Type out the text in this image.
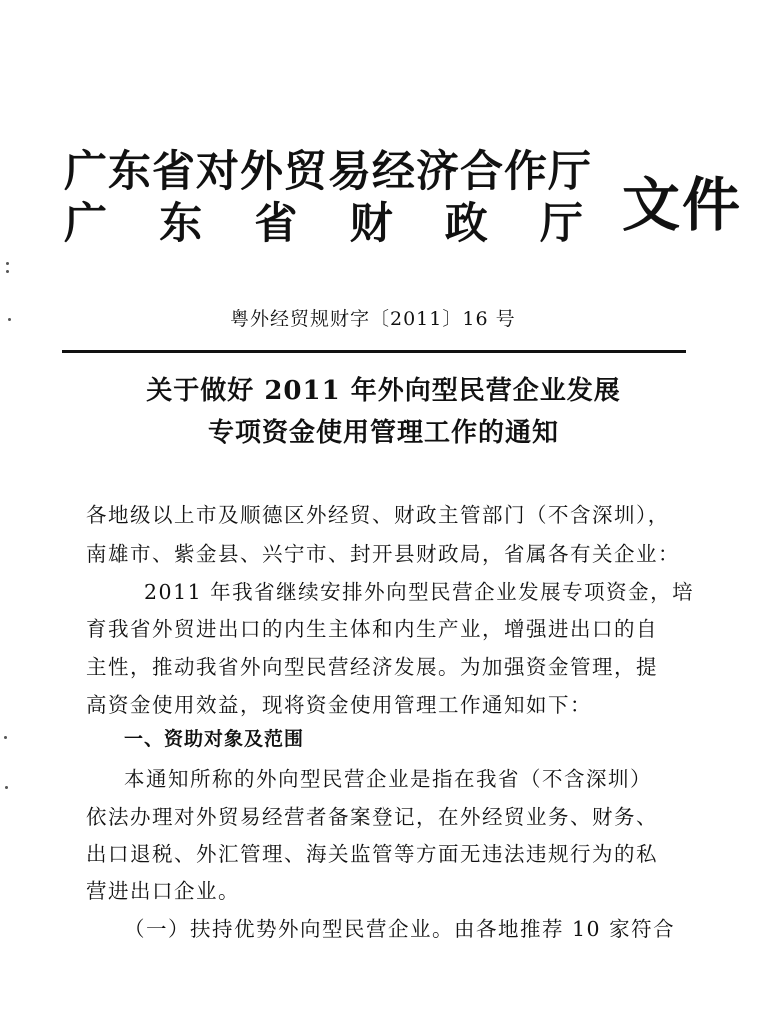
广东省对外贸易经济合作厅
广 东 省 财 政 厅 文件
粤外经贸规财字〔2011〕16 号
关于做好 2011 年外向型民营企业发展
专项资金使用管理工作的通知

各地级以上市及顺德区外经贸、财政主管部门（不含深圳），

南雄市、紫金县、兴宁市、封开县财政局，省属各有关企业：

2011 年我省继续安排外向型民营企业发展专项资金，培

育我省外贸进出口的内生主体和内生产业，增强进出口的自

主性，推动我省外向型民营经济发展。为加强资金管理，提

高资金使用效益，现将资金使用管理工作通知如下：

一、资助对象及范围

本通知所称的外向型民营企业是指在我省（不含深圳）

依法办理对外贸易经营者备案登记，在外经贸业务、财务、

出口退税、外汇管理、海关监管等方面无违法违规行为的私

营进出口企业。

（一）扶持优势外向型民营企业。由各地推荐 10 家符合
